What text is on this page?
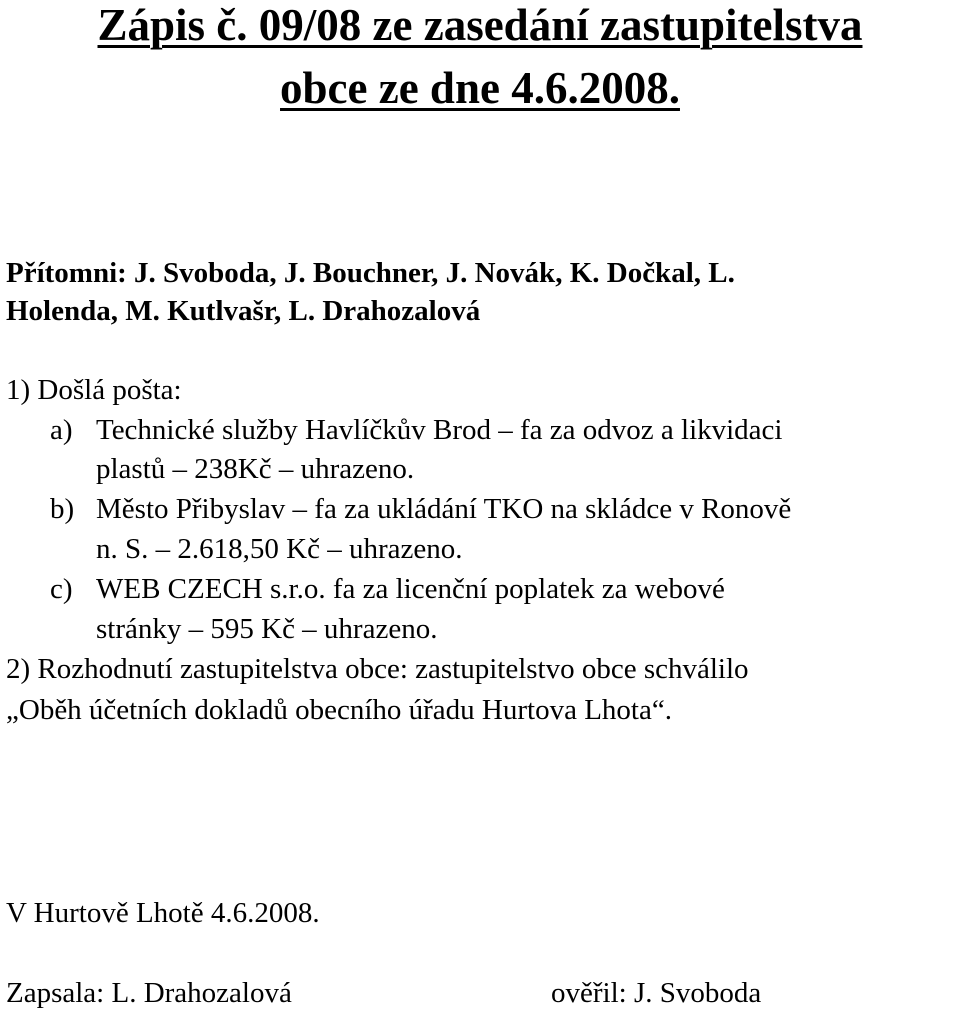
Zápis č. 09/08 ze zasedání zastupitelstva
obce ze dne 4.6.2008.
Přítomni: J. Svoboda, J. Bouchner, J. Novák, K. Dočkal, L.
Holenda, M. Kutlvašr, L. Drahozalová
1) Došlá pošta:
a) Technické služby Havlíčkův Brod – fa za odvoz a likvidaci
plastů – 238Kč – uhrazeno.
b) Město Přibyslav – fa za ukládání TKO na skládce v Ronově
n. S. – 2.618,50 Kč – uhrazeno.
c) WEB CZECH s.r.o. fa za licenční poplatek za webové
stránky – 595 Kč – uhrazeno.
2) Rozhodnutí zastupitelstva obce: zastupitelstvo obce schválilo
„Oběh účetních dokladů obecního úřadu Hurtova Lhota“.
V Hurtově Lhotě 4.6.2008.
Zapsala: L. Drahozalová	ověřil: J. Svoboda
